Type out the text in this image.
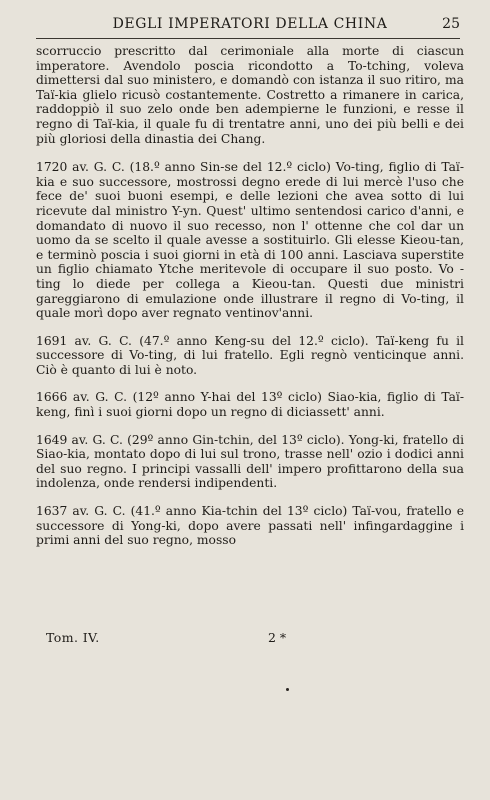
DEGLI IMPERATORI DELLA CHINA	25

scorruccio prescritto dal cerimoniale alla morte di ciascun imperatore. Avendolo poscia ricondotto a To-tching, voleva dimettersi dal suo ministero, e domandò con istanza il suo ritiro, ma Taï-kia glielo ricusò costantemente. Costretto a rimanere in carica, raddoppiò il suo zelo onde ben adempierne le funzioni, e resse il regno di Taï-kia, il quale fu di trentatre anni, uno dei più belli e dei più gloriosi della dinastia dei Chang.

1720 av. G. C. (18.º anno Sin-se del 12.º ciclo) Vo-ting, figlio di Taï-kia e suo successore, mostrossi degno erede di lui mercè l'uso che fece de' suoi buoni esempi, e delle lezioni che avea sotto di lui ricevute dal ministro Y-yn. Quest' ultimo sentendosi carico d'anni, e domandato di nuovo il suo recesso, non l' ottenne che col dar un uomo da se scelto il quale avesse a sostituirlo. Gli elesse Kieou-tan, e terminò poscia i suoi giorni in età di 100 anni. Lasciava superstite un figlio chiamato Ytche meritevole di occupare il suo posto. Vo - ting lo diede per collega a Kieou-tan. Questi due ministri gareggiarono di emulazione onde illustrare il regno di Vo-ting, il quale morì dopo aver regnato ventinov'anni.

1691 av. G. C. (47.º anno Keng-su del 12.º ciclo). Taï-keng fu il successore di Vo-ting, di lui fratello. Egli regnò venticinque anni. Ciò è quanto di lui è noto.

1666 av. G. C. (12º anno Y-hai del 13º ciclo) Siao-kia, figlio di Taï-keng, finì i suoi giorni dopo un regno di diciassett' anni.

1649 av. G. C. (29º anno Gin-tchin, del 13º ciclo). Yong-ki, fratello di Siao-kia, montato dopo di lui sul trono, trasse nell' ozio i dodici anni del suo regno. I principi vassalli dell' impero profittarono della sua indolenza, onde rendersi indipendenti.

1637 av. G. C. (41.º anno Kia-tchin del 13º ciclo) Taï-vou, fratello e successore di Yong-ki, dopo avere passati nell' infingardaggine i primi anni del suo regno, mosso

Tom. IV.	2 *
